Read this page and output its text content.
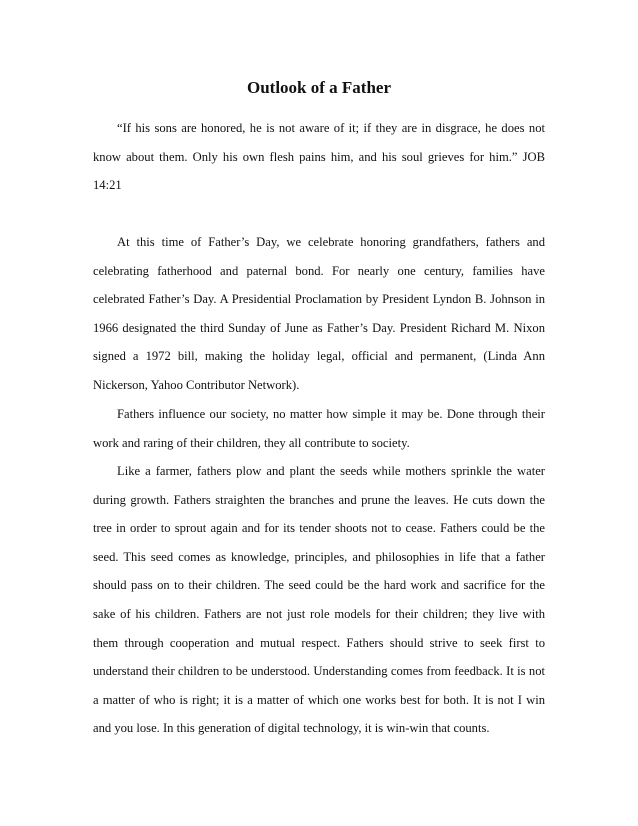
Outlook of a Father

“If his sons are honored, he is not aware of it; if they are in disgrace, he does not know about them. Only his own flesh pains him, and his soul grieves for him.” JOB 14:21

At this time of Father’s Day, we celebrate honoring grandfathers, fathers and celebrating fatherhood and paternal bond. For nearly one century, families have celebrated Father’s Day. A Presidential Proclamation by President Lyndon B. Johnson in 1966 designated the third Sunday of June as Father’s Day. President Richard M. Nixon signed a 1972 bill, making the holiday legal, official and permanent, (Linda Ann Nickerson, Yahoo Contributor Network).

Fathers influence our society, no matter how simple it may be. Done through their work and raring of their children, they all contribute to society.

Like a farmer, fathers plow and plant the seeds while mothers sprinkle the water during growth. Fathers straighten the branches and prune the leaves. He cuts down the tree in order to sprout again and for its tender shoots not to cease. Fathers could be the seed. This seed comes as knowledge, principles, and philosophies in life that a father should pass on to their children. The seed could be the hard work and sacrifice for the sake of his children. Fathers are not just role models for their children; they live with them through cooperation and mutual respect. Fathers should strive to seek first to understand their children to be understood. Understanding comes from feedback. It is not a matter of who is right; it is a matter of which one works best for both. It is not I win and you lose. In this generation of digital technology, it is win-win that counts.
